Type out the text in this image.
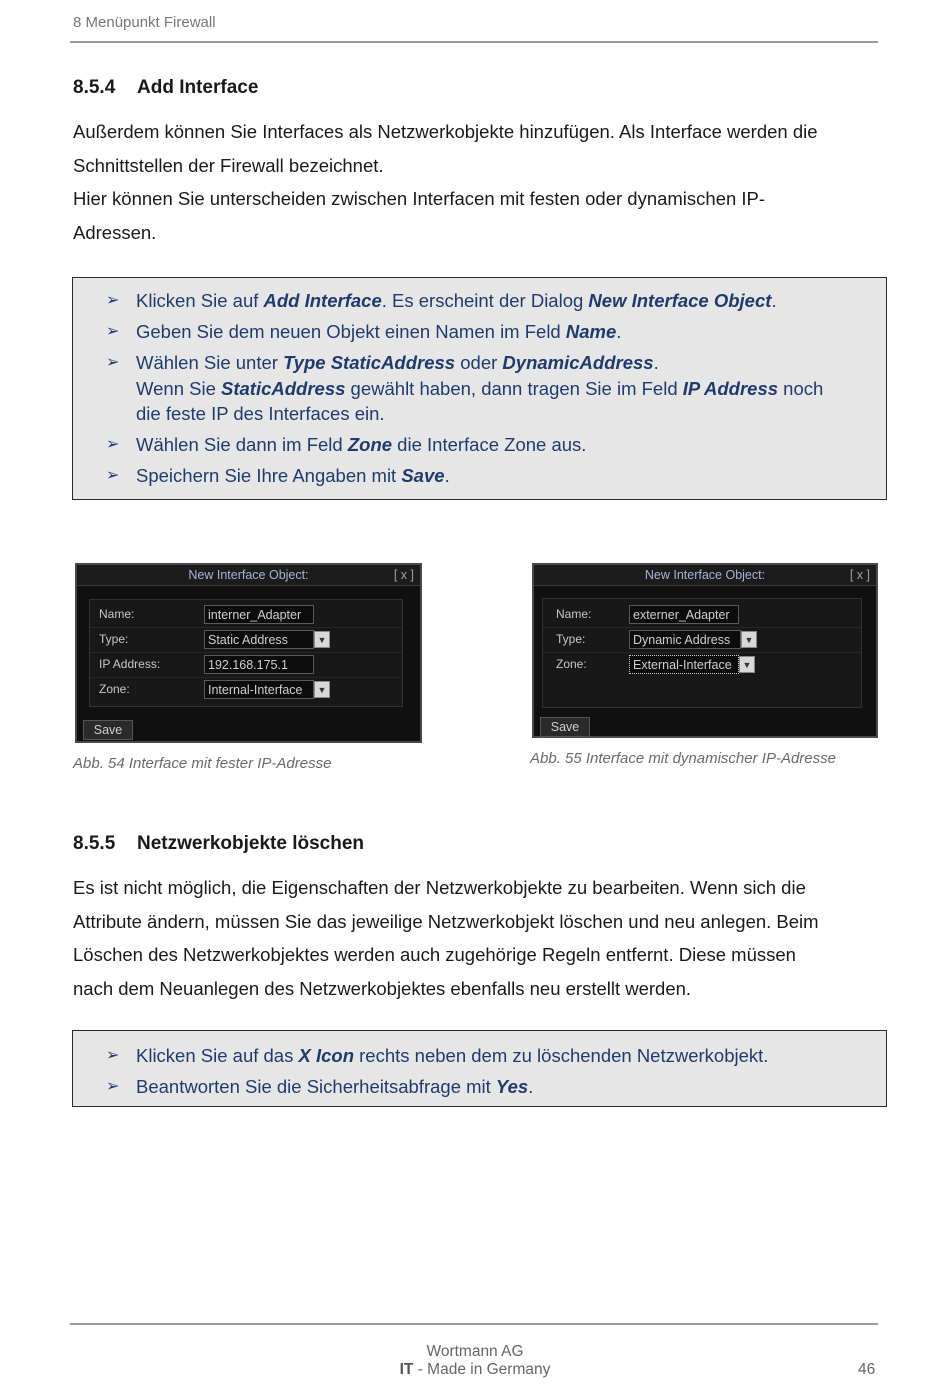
8 Menüpunkt Firewall
8.5.4 Add Interface

Außerdem können Sie Interfaces als Netzwerkobjekte hinzufügen. Als Interface werden die
Schnittstellen der Firewall bezeichnet.
Hier können Sie unterscheiden zwischen Interfacen mit festen oder dynamischen IP-
Adressen.

➢ Klicken Sie auf Add Interface. Es erscheint der Dialog New Interface Object.
➢ Geben Sie dem neuen Objekt einen Namen im Feld Name.
➢ Wählen Sie unter Type StaticAddress oder DynamicAddress.
Wenn Sie StaticAddress gewählt haben, dann tragen Sie im Feld IP Address noch
die feste IP des Interfaces ein.
➢ Wählen Sie dann im Feld Zone die Interface Zone aus.
➢ Speichern Sie Ihre Angaben mit Save.
New Interface Object:	[ x ]
Name:	interner_Adapter
Type:	Static Address	▼
IP Address:	192.168.175.1
Zone:	Internal-Interface	▼
Save
Abb. 54 Interface mit fester IP-Adresse
New Interface Object:	[ x ]
Name:	externer_Adapter
Type:	Dynamic Address	▼
Zone:	External-Interface	▼
Save
Abb. 55 Interface mit dynamischer IP-Adresse
8.5.5 Netzwerkobjekte löschen

Es ist nicht möglich, die Eigenschaften der Netzwerkobjekte zu bearbeiten. Wenn sich die
Attribute ändern, müssen Sie das jeweilige Netzwerkobjekt löschen und neu anlegen. Beim
Löschen des Netzwerkobjektes werden auch zugehörige Regeln entfernt. Diese müssen
nach dem Neuanlegen des Netzwerkobjektes ebenfalls neu erstellt werden.

➢ Klicken Sie auf das X Icon rechts neben dem zu löschenden Netzwerkobjekt.
➢ Beantworten Sie die Sicherheitsabfrage mit Yes.
Wortmann AG
IT - Made in Germany	46
